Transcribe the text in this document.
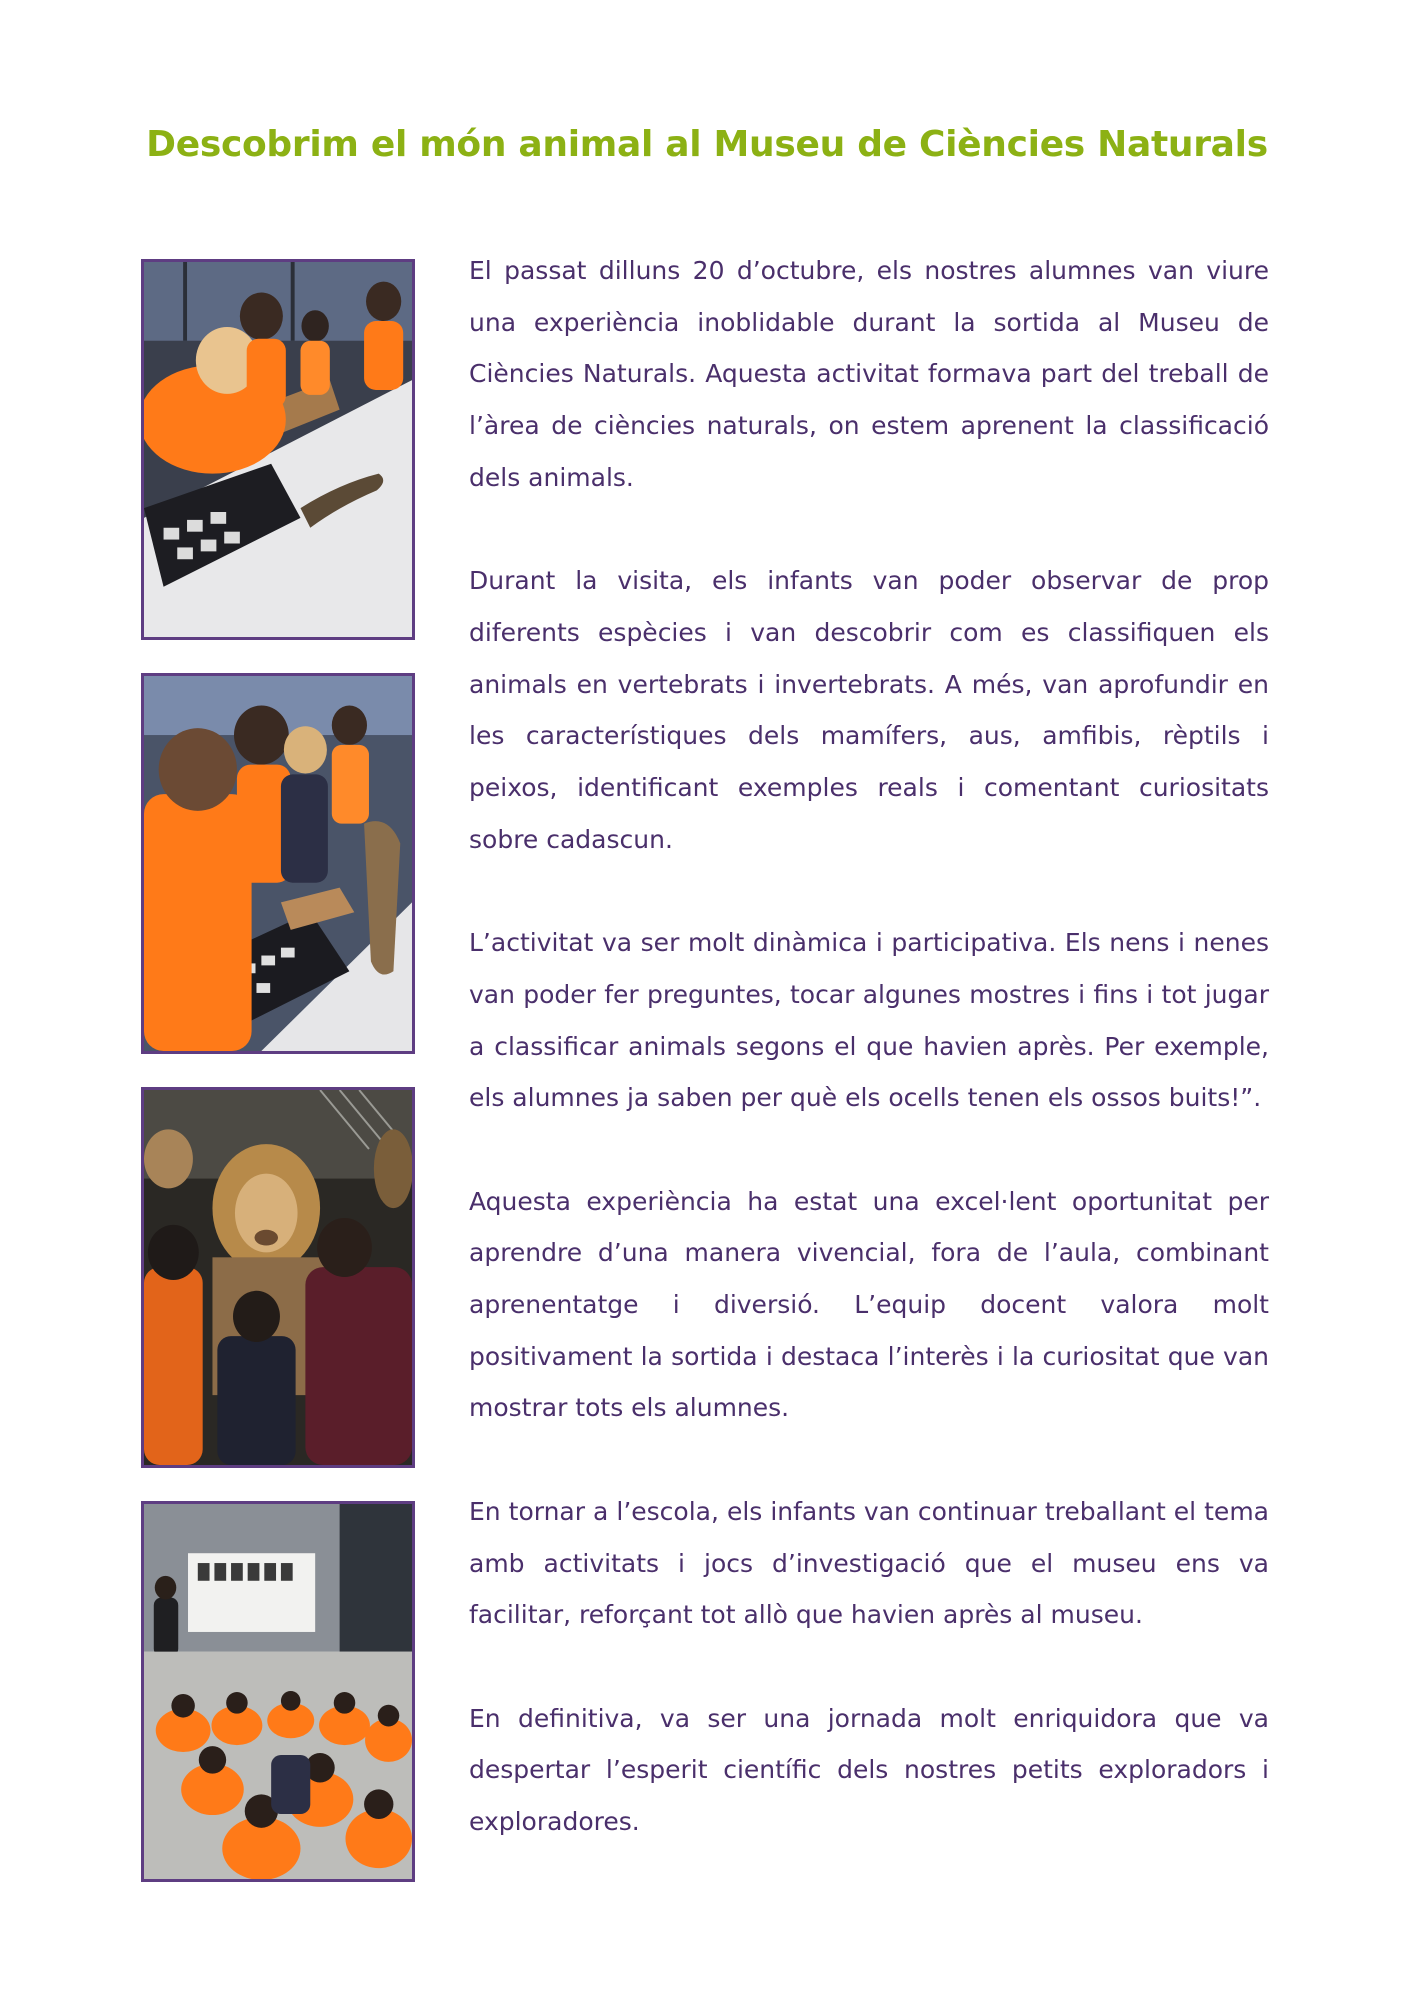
Descobrim el món animal al Museu de Ciències Naturals

El passat dilluns 20 d’octubre, els nostres alumnes van viure una experiència inoblidable durant la sortida al Museu de Ciències Naturals. Aquesta activitat formava part del treball de l’àrea de ciències naturals, on estem aprenent la classificació dels animals.

Durant la visita, els infants van poder observar de prop diferents espècies i van descobrir com es classifiquen els animals en vertebrats i invertebrats. A més, van aprofundir en les característiques dels mamífers, aus, amfibis, rèptils i peixos, identificant exemples reals i comentant curiositats sobre cadascun.

L’activitat va ser molt dinàmica i participativa. Els nens i nenes van poder fer preguntes, tocar algunes mostres i fins i tot jugar a classificar animals segons el que havien après. Per exemple, els alumnes ja saben per què els ocells tenen els ossos buits!”.

Aquesta experiència ha estat una excel·lent oportunitat per aprendre d’una manera vivencial, fora de l’aula, combinant aprenentatge i diversió. L’equip docent valora molt positivament la sortida i destaca l’interès i la curiositat que van mostrar tots els alumnes.

En tornar a l’escola, els infants van continuar treballant el tema amb activitats i jocs d’investigació que el museu ens va facilitar, reforçant tot allò que havien après al museu.

En definitiva, va ser una jornada molt enriquidora que va despertar l’esperit científic dels nostres petits exploradors i exploradores.
